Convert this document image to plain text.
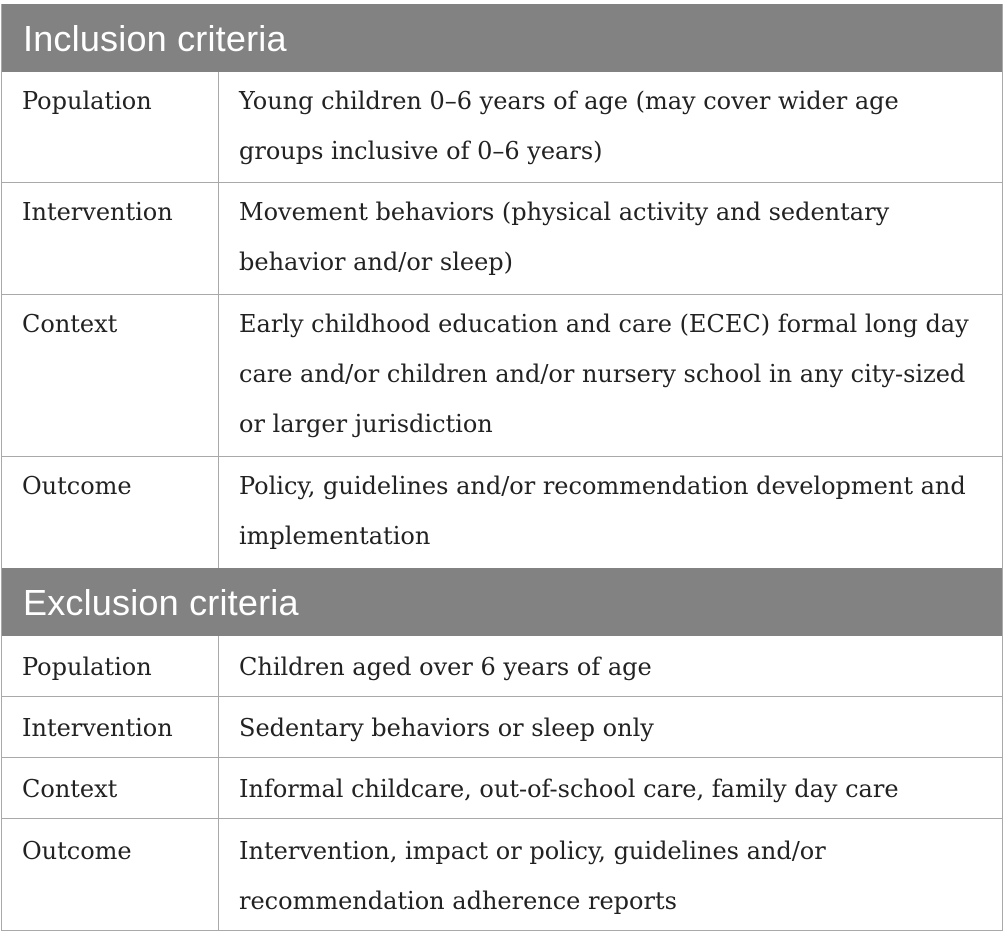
Inclusion criteria
Population	Young children 0–6 years of age (may cover wider age groups inclusive of 0–6 years)
Intervention	Movement behaviors (physical activity and sedentary behavior and/or sleep)
Context	Early childhood education and care (ECEC) formal long day care and/or children and/or nursery school in any city-sized or larger jurisdiction
Outcome	Policy, guidelines and/or recommendation development and implementation
Exclusion criteria
Population	Children aged over 6 years of age
Intervention	Sedentary behaviors or sleep only
Context	Informal childcare, out-of-school care, family day care
Outcome	Intervention, impact or policy, guidelines and/or recommendation adherence reports
